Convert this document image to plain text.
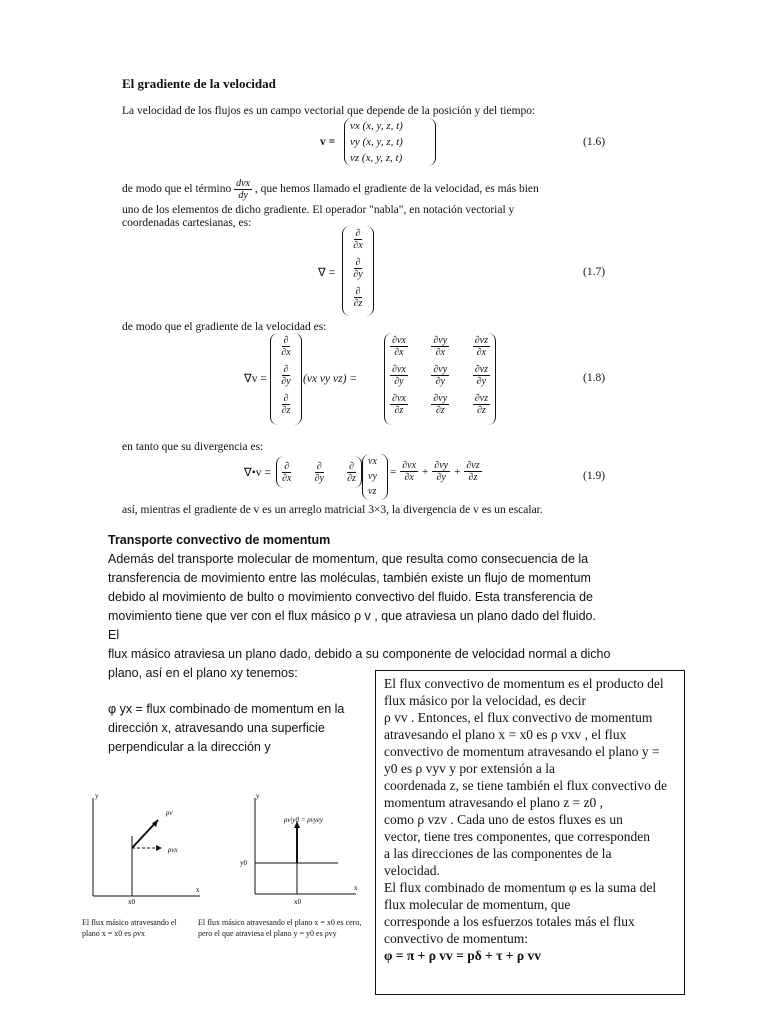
El gradiente de la velocidad
La velocidad de los flujos es un campo vectorial que depende de la posición y del tiempo:
v =
vx (x, y, z, t)
vy (x, y, z, t)
vz (x, y, z, t)
(1.6)
de modo que el término $\frac{\text{dvx}}{dy}$ , que hemos llamado el gradiente de la velocidad, es más bien
uno de los elementos de dicho gradiente. El operador "nabla", en notación vectorial y
coordenadas cartesianas, es:
∇ =
∂
∂x
∂
∂y
∂
∂z
(1.7)
de modo que el gradiente de la velocidad es:
∇v =
∂
∂x
∂
∂y
∂
∂z
(vx vy vz) =
$\frac{\partial vx}{\partial x} \frac{\partial vy}{\partial x} \frac{\partial vz}{\partial x}$
$\frac{\partial vx}{\partial y} \frac{\partial vy}{\partial y} \frac{\partial vz}{\partial y}$
$\frac{\partial vx}{\partial z} \frac{\partial vy}{\partial z} \frac{\partial vz}{\partial z}$
(1.8)
en tanto que su divergencia es:
∇•v = $\frac{\partial}{\partial x} \frac{\partial}{\partial y} \frac{\partial}{\partial z}$ vx
vy
vz
= $\frac{\partial vx}{\partial x} + \frac{\partial vy}{\partial y} + \frac{\partial vz}{\partial z}$	(1.9)
así, mientras el gradiente de v es un arreglo matricial 3×3, la divergencia de v es un escalar.
Transporte convectivo de momentum
Además del transporte molecular de momentum, que resulta como consecuencia de la
transferencia de movimiento entre las moléculas, también existe un flujo de momentum
debido al movimiento de bulto o movimiento convectivo del fluido. Esta transferencia de
movimiento tiene que ver con el flux másico ρ v , que atraviesa un plano dado del fluido.
El
flux másico atraviesa un plano dado, debido a su componente de velocidad normal a dicho
plano, así en el plano xy tenemos:
φ yx = flux combinado de momentum en la
dirección x, atravesando una superficie
perpendicular a la dirección y
El flux convectivo de momentum es el producto del
flux másico por la velocidad, es decir
ρ vv . Entonces, el flux convectivo de momentum
atravesando el plano x = x0 es ρ vxv , el flux
convectivo de momentum atravesando el plano y =
y0 es ρ vyv y por extensión a la
coordenada z, se tiene también el flux convectivo de
momentum atravesando el plano z = z0 ,
como ρ vzv . Cada uno de estos fluxes es un
vector, tiene tres componentes, que corresponden
a las direcciones de las componentes de la
velocidad.
El flux combinado de momentum φ es la suma del
flux molecular de momentum, que
corresponde a los esfuerzos totales más el flux
convectivo de momentum:
φ = π + ρ vv = pδ + τ + ρ vv
y
x
x0
ρv
ρvx
El flux másico atravesando el
plano x = x0 es ρvx
y
x
x0
y0
ρv|y0 = ρvyey
El flux másico atravesando el plano x = x0 es cero,
pero el que atraviesa el plano y = y0 es ρvy
